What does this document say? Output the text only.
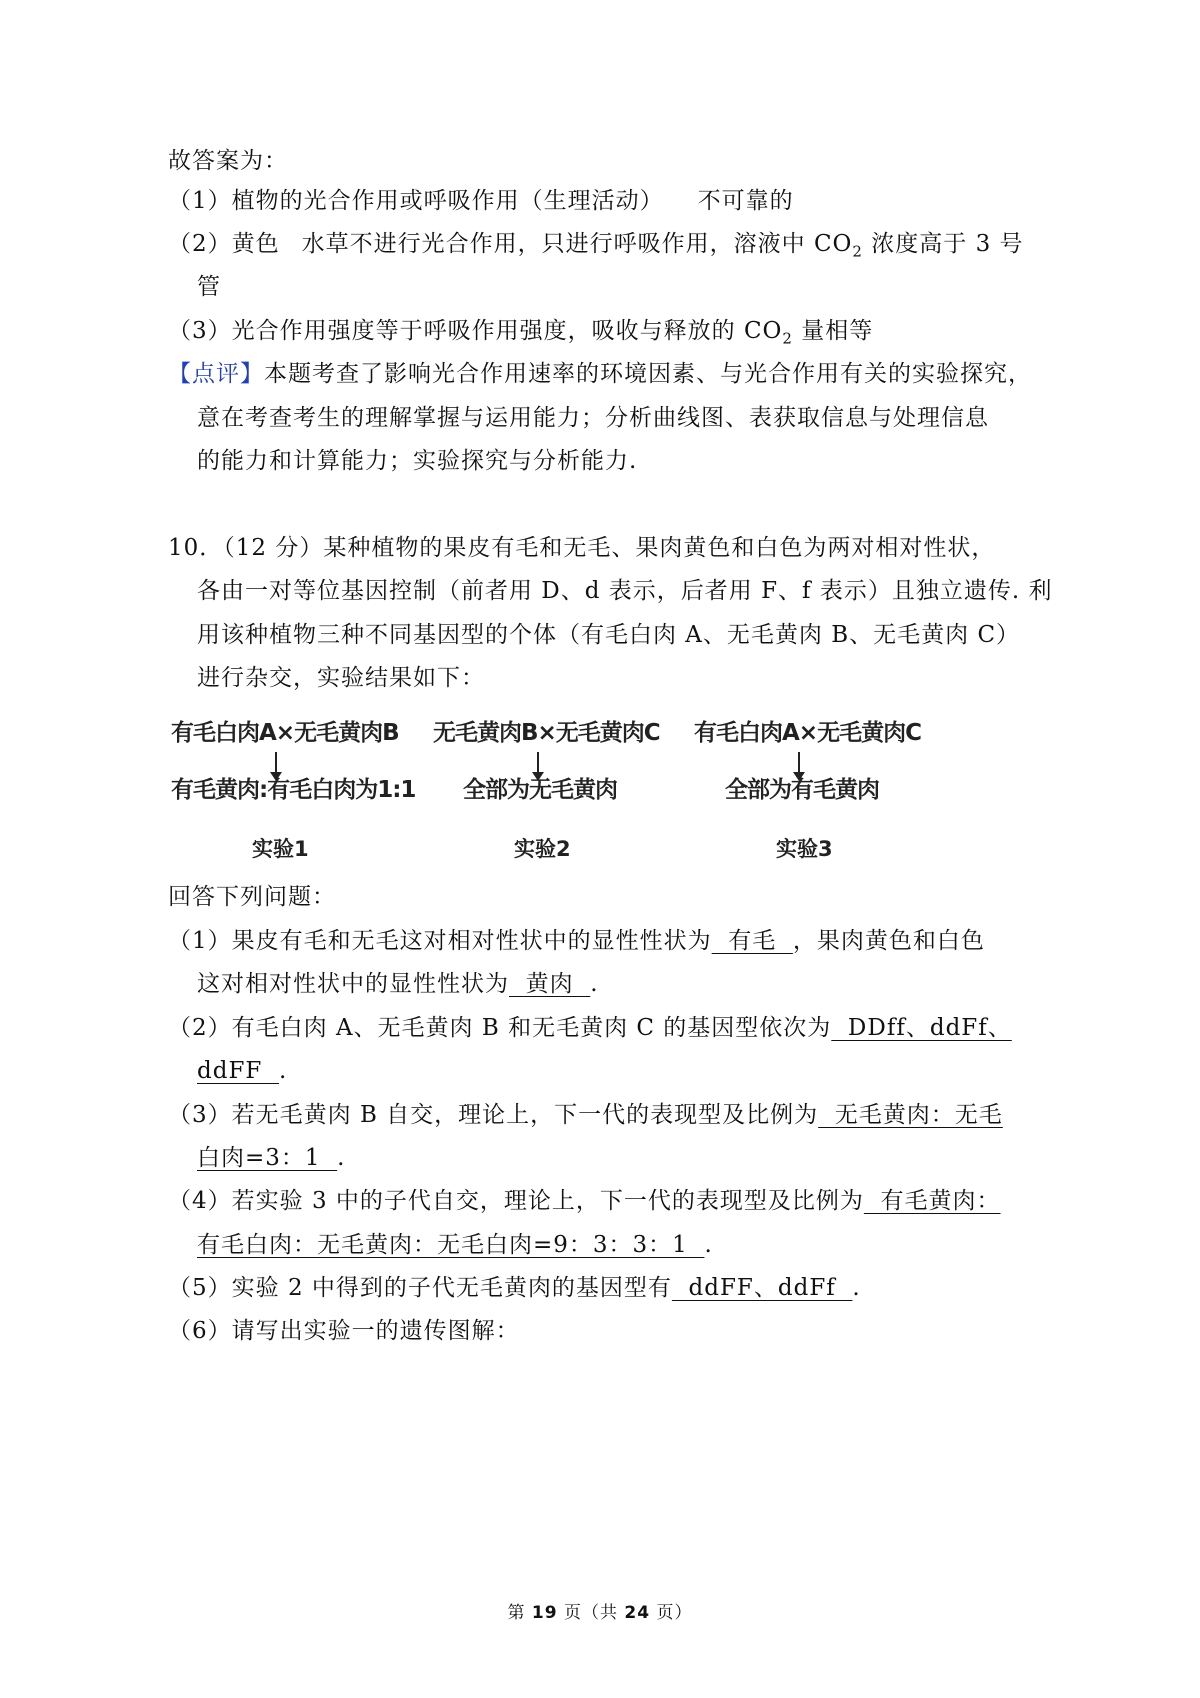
故答案为：
（1）植物的光合作用或呼吸作用（生理活动） 不可靠的
（2）黄色 水草不进行光合作用，只进行呼吸作用，溶液中 $CO_2$ 浓度高于 3 号
管
（3）光合作用强度等于呼吸作用强度，吸收与释放的 $CO_2$ 量相等
【点评】本题考查了影响光合作用速率的环境因素、与光合作用有关的实验探究，
意在考查考生的理解掌握与运用能力；分析曲线图、表获取信息与处理信息
的能力和计算能力；实验探究与分析能力.
10．（12 分）某种植物的果皮有毛和无毛、果肉黄色和白色为两对相对性状，
各由一对等位基因控制（前者用 D、d 表示，后者用 F、f 表示）且独立遗传. 利
用该种植物三种不同基因型的个体（有毛白肉 A、无毛黄肉 B、无毛黄肉 C）
进行杂交，实验结果如下：
有毛白肉A×无毛黄肉B
有毛黄肉:有毛白肉为1:1
实验1
无毛黄肉B×无毛黄肉C
全部为无毛黄肉
实验2
有毛白肉A×无毛黄肉C
全部为有毛黄肉
实验3
回答下列问题：
（1）果皮有毛和无毛这对相对性状中的显性性状为  有毛  ，果肉黄色和白色
这对相对性状中的显性性状为  黄肉  .
（2）有毛白肉 A、无毛黄肉 B 和无毛黄肉 C 的基因型依次为  DDff、ddFf、
ddFF  .
（3）若无毛黄肉 B 自交，理论上，下一代的表现型及比例为  无毛黄肉：无毛
白肉=3：1  .
（4）若实验 3 中的子代自交，理论上，下一代的表现型及比例为  有毛黄肉：
有毛白肉：无毛黄肉：无毛白肉=9：3：3：1  .
（5）实验 2 中得到的子代无毛黄肉的基因型有  ddFF、ddFf  .
（6）请写出实验一的遗传图解：
第 19 页（共 24 页）
